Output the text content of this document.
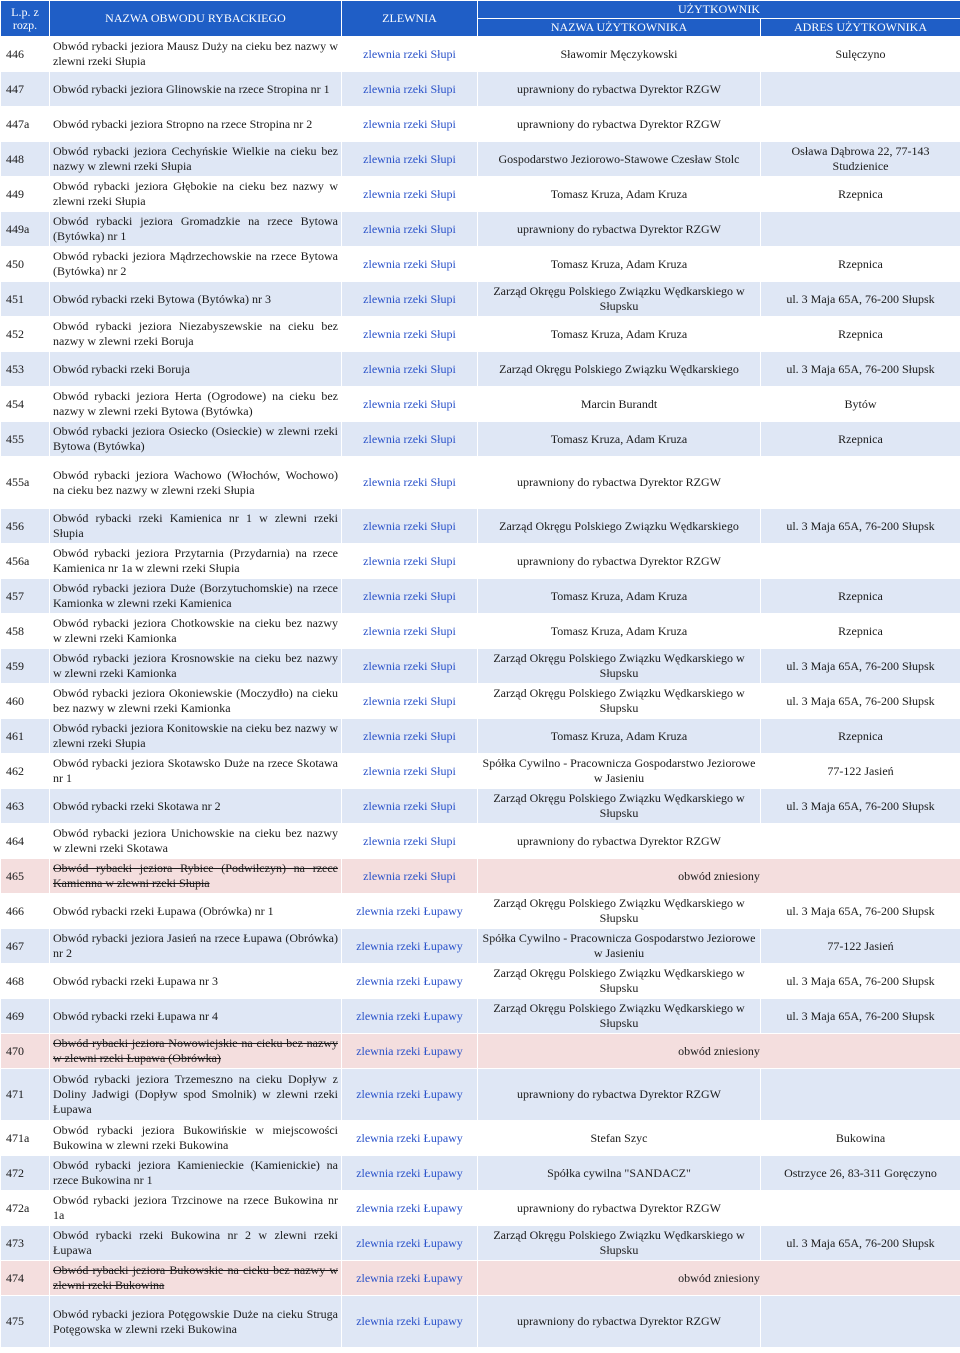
L.p. z rozp.	NAZWA OBWODU RYBACKIEGO	ZLEWNIA	UŻYTKOWNIK	
			NAZWA UŻYTKOWNIKA	ADRES UŻYTKOWNIKA
446	Obwód rybacki jeziora Mausz Duży na cieku bez nazwy w zlewni rzeki Słupia	zlewnia rzeki Słupi	Sławomir Męczykowski	Sulęczyno
447	Obwód rybacki jeziora Glinowskie na rzece Stropina nr 1	zlewnia rzeki Słupi	uprawniony do rybactwa Dyrektor RZGW	
447a	Obwód rybacki jeziora Stropno na rzece Stropina nr 2	zlewnia rzeki Słupi	uprawniony do rybactwa Dyrektor RZGW	
448	Obwód rybacki jeziora Cechyńskie Wielkie na cieku bez nazwy w zlewni rzeki Słupia	zlewnia rzeki Słupi	Gospodarstwo Jeziorowo-Stawowe Czesław Stolc	Osława Dąbrowa 22, 77-143 Studzienice
449	Obwód rybacki jeziora Głębokie na cieku bez nazwy w zlewni rzeki Słupia	zlewnia rzeki Słupi	Tomasz Kruza, Adam Kruza	Rzepnica
449a	Obwód rybacki jeziora Gromadzkie na rzece Bytowa (Bytówka) nr 1	zlewnia rzeki Słupi	uprawniony do rybactwa Dyrektor RZGW	
450	Obwód rybacki jeziora Mądrzechowskie na rzece Bytowa (Bytówka) nr 2	zlewnia rzeki Słupi	Tomasz Kruza, Adam Kruza	Rzepnica
451	Obwód rybacki rzeki Bytowa (Bytówka) nr 3	zlewnia rzeki Słupi	Zarząd Okręgu Polskiego Związku Wędkarskiego w Słupsku	ul. 3 Maja 65A, 76-200 Słupsk
452	Obwód rybacki jeziora Niezabyszewskie na cieku bez nazwy w zlewni rzeki Boruja	zlewnia rzeki Słupi	Tomasz Kruza, Adam Kruza	Rzepnica
453	Obwód rybacki rzeki Boruja	zlewnia rzeki Słupi	Zarząd Okręgu Polskiego Związku Wędkarskiego	ul. 3 Maja 65A, 76-200 Słupsk
454	Obwód rybacki jeziora Herta (Ogrodowe) na cieku bez nazwy w zlewni rzeki Bytowa (Bytówka)	zlewnia rzeki Słupi	Marcin Burandt	Bytów
455	Obwód rybacki jeziora Osiecko (Osieckie) w zlewni rzeki Bytowa (Bytówka)	zlewnia rzeki Słupi	Tomasz Kruza, Adam Kruza	Rzepnica
455a	Obwód rybacki jeziora Wachowo (Włochów, Wochowo) na cieku bez nazwy w zlewni rzeki Słupia	zlewnia rzeki Słupi	uprawniony do rybactwa Dyrektor RZGW	
456	Obwód rybacki rzeki Kamienica nr 1 w zlewni rzeki Słupia	zlewnia rzeki Słupi	Zarząd Okręgu Polskiego Związku Wędkarskiego	ul. 3 Maja 65A, 76-200 Słupsk
456a	Obwód rybacki jeziora Przytarnia (Przydarnia) na rzece Kamienica nr 1a w zlewni rzeki Słupia	zlewnia rzeki Słupi	uprawniony do rybactwa Dyrektor RZGW	
457	Obwód rybacki jeziora Duże (Borzytuchomskie) na rzece Kamionka w zlewni rzeki Kamienica	zlewnia rzeki Słupi	Tomasz Kruza, Adam Kruza	Rzepnica
458	Obwód rybacki jeziora Chotkowskie na cieku bez nazwy w zlewni rzeki Kamionka	zlewnia rzeki Słupi	Tomasz Kruza, Adam Kruza	Rzepnica
459	Obwód rybacki jeziora Krosnowskie na cieku bez nazwy w zlewni rzeki Kamionka	zlewnia rzeki Słupi	Zarząd Okręgu Polskiego Związku Wędkarskiego w Słupsku	ul. 3 Maja 65A, 76-200 Słupsk
460	Obwód rybacki jeziora Okoniewskie (Moczydło) na cieku bez nazwy w zlewni rzeki Kamionka	zlewnia rzeki Słupi	Zarząd Okręgu Polskiego Związku Wędkarskiego w Słupsku	ul. 3 Maja 65A, 76-200 Słupsk
461	Obwód rybacki jeziora Konitowskie na cieku bez nazwy w zlewni rzeki Słupia	zlewnia rzeki Słupi	Tomasz Kruza, Adam Kruza	Rzepnica
462	Obwód rybacki jeziora Skotawsko Duże na rzece Skotawa nr 1	zlewnia rzeki Słupi	Spółka Cywilno - Pracownicza Gospodarstwo Jeziorowe w Jasieniu	77-122 Jasień
463	Obwód rybacki rzeki Skotawa nr 2	zlewnia rzeki Słupi	Zarząd Okręgu Polskiego Związku Wędkarskiego w Słupsku	ul. 3 Maja 65A, 76-200 Słupsk
464	Obwód rybacki jeziora Unichowskie na cieku bez nazwy w zlewni rzeki Skotawa	zlewnia rzeki Słupi	uprawniony do rybactwa Dyrektor RZGW	
465	Obwód rybacki jeziora Rybice (Podwilczyn) na rzece Kamienna w zlewni rzeki Słupia	zlewnia rzeki Słupi	obwód zniesiony	
466	Obwód rybacki rzeki Łupawa (Obrówka) nr 1	zlewnia rzeki Łupawy	Zarząd Okręgu Polskiego Związku Wędkarskiego w Słupsku	ul. 3 Maja 65A, 76-200 Słupsk
467	Obwód rybacki jeziora Jasień na rzece Łupawa (Obrówka) nr 2	zlewnia rzeki Łupawy	Spółka Cywilno - Pracownicza Gospodarstwo Jeziorowe w Jasieniu	77-122 Jasień
468	Obwód rybacki rzeki Łupawa nr 3	zlewnia rzeki Łupawy	Zarząd Okręgu Polskiego Związku Wędkarskiego w Słupsku	ul. 3 Maja 65A, 76-200 Słupsk
469	Obwód rybacki rzeki Łupawa nr 4	zlewnia rzeki Łupawy	Zarząd Okręgu Polskiego Związku Wędkarskiego w Słupsku	ul. 3 Maja 65A, 76-200 Słupsk
470	Obwód rybacki jeziora Nowowiejskie na cieku bez nazwy w zlewni rzeki Łupawa (Obrówka)	zlewnia rzeki Łupawy	obwód zniesiony	
471	Obwód rybacki jeziora Trzemeszno na cieku Dopływ z Doliny Jadwigi (Dopływ spod Smolnik) w zlewni rzeki Łupawa	zlewnia rzeki Łupawy	uprawniony do rybactwa Dyrektor RZGW	
471a	Obwód rybacki jeziora Bukowińskie w miejscowości Bukowina w zlewni rzeki Bukowina	zlewnia rzeki Łupawy	Stefan Szyc	Bukowina
472	Obwód rybacki jeziora Kamienieckie (Kamienickie) na rzece Bukowina nr 1	zlewnia rzeki Łupawy	Spółka cywilna "SANDACZ"	Ostrzyce 26, 83-311 Goręczyno
472a	Obwód rybacki jeziora Trzcinowe na rzece Bukowina nr 1a	zlewnia rzeki Łupawy	uprawniony do rybactwa Dyrektor RZGW	
473	Obwód rybacki rzeki Bukowina nr 2 w zlewni rzeki Łupawa	zlewnia rzeki Łupawy	Zarząd Okręgu Polskiego Związku Wędkarskiego w Słupsku	ul. 3 Maja 65A, 76-200 Słupsk
474	Obwód rybacki jeziora Bukowskie na cieku bez nazwy w zlewni rzeki Bukowina	zlewnia rzeki Łupawy	obwód zniesiony	
475	Obwód rybacki jeziora Potęgowskie Duże na cieku Struga Potęgowska w zlewni rzeki Bukowina	zlewnia rzeki Łupawy	uprawniony do rybactwa Dyrektor RZGW	
